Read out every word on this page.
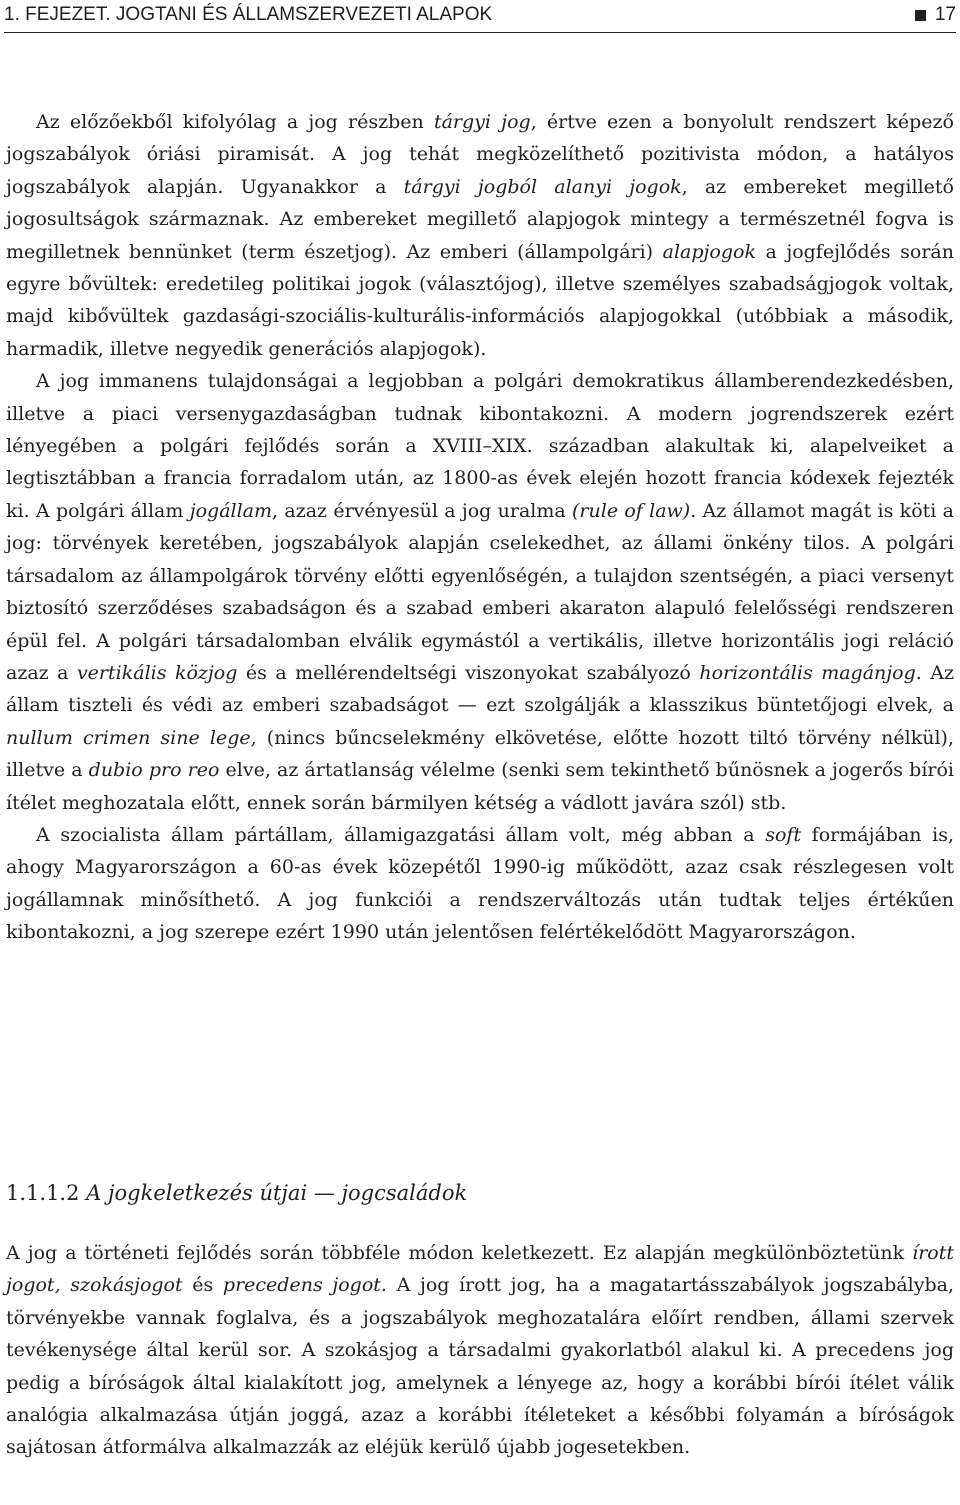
1. FEJEZET. JOGTANI ÉS ÁLLAMSZERVEZETI ALAPOK	17

Az előzőekből kifolyólag a jog részben tárgyi jog, értve ezen a bonyolult rendszert képező jogszabályok óriási piramisát. A jog tehát megközelíthető pozitivista módon, a hatályos jogszabályok alapján. Ugyanakkor a tárgyi jogból alanyi jogok, az embereket megillető jogosultságok származnak. Az embereket megillető alapjogok mintegy a természetnél fogva is megilletnek bennünket (term észetjog). Az emberi (állampolgári) alapjogok a jogfejlődés során egyre bővültek: eredetileg politikai jogok (választójog), illetve személyes szabadságjogok voltak, majd kibővültek gazdasági-szociális-kulturális-információs alapjogokkal (utóbbiak a második, harmadik, illetve negyedik generációs alapjogok).

A jog immanens tulajdonságai a legjobban a polgári demokratikus államberendezkedésben, illetve a piaci versenygazdaságban tudnak kibontakozni. A modern jogrendszerek ezért lényegében a polgári fejlődés során a XVIII–XIX. században alakultak ki, alapelveiket a legtisztábban a francia forradalom után, az 1800-as évek elején hozott francia kódexek fejezték ki. A polgári állam jogállam, azaz érvényesül a jog uralma (rule of law). Az államot magát is köti a jog: törvények keretében, jogszabályok alapján cselekedhet, az állami önkény tilos. A polgári társadalom az állampolgárok törvény előtti egyenlőségén, a tulajdon szentségén, a piaci versenyt biztosító szerződéses szabadságon és a szabad emberi akaraton alapuló felelősségi rendszeren épül fel. A polgári társadalomban elválik egymástól a vertikális, illetve horizontális jogi reláció azaz a vertikális közjog és a mellérendeltségi viszonyokat szabályozó horizontális magánjog. Az állam tiszteli és védi az emberi szabadságot — ezt szolgálják a klasszikus büntetőjogi elvek, a nullum crimen sine lege, (nincs bűncselekmény elkövetése, előtte hozott tiltó törvény nélkül), illetve a dubio pro reo elve, az ártatlanság vélelme (senki sem tekinthető bűnösnek a jogerős bírói ítélet meghozatala előtt, ennek során bármilyen kétség a vádlott javára szól) stb.

A szocialista állam pártállam, államigazgatási állam volt, még abban a soft formájában is, ahogy Magyarországon a 60-as évek közepétől 1990-ig működött, azaz csak részlegesen volt jogállamnak minősíthető. A jog funkciói a rendszerváltozás után tudtak teljes értékűen kibontakozni, a jog szerepe ezért 1990 után jelentősen felértékelődött Magyarországon.

1.1.1.2 A jogkeletkezés útjai — jogcsaládok

A jog a történeti fejlődés során többféle módon keletkezett. Ez alapján megkülönböztetünk írott jogot, szokásjogot és precedens jogot. A jog írott jog, ha a magatartásszabályok jogszabályba, törvényekbe vannak foglalva, és a jogszabályok meghozatalára előírt rendben, állami szervek tevékenysége által kerül sor. A szokásjog a társadalmi gyakorlatból alakul ki. A precedens jog pedig a bíróságok által kialakított jog, amelynek a lényege az, hogy a korábbi bírói ítélet válik analógia alkalmazása útján joggá, azaz a korábbi ítéleteket a későbbi folyamán a bíróságok sajátosan átformálva alkalmazzák az eléjük kerülő újabb jogesetekben.
